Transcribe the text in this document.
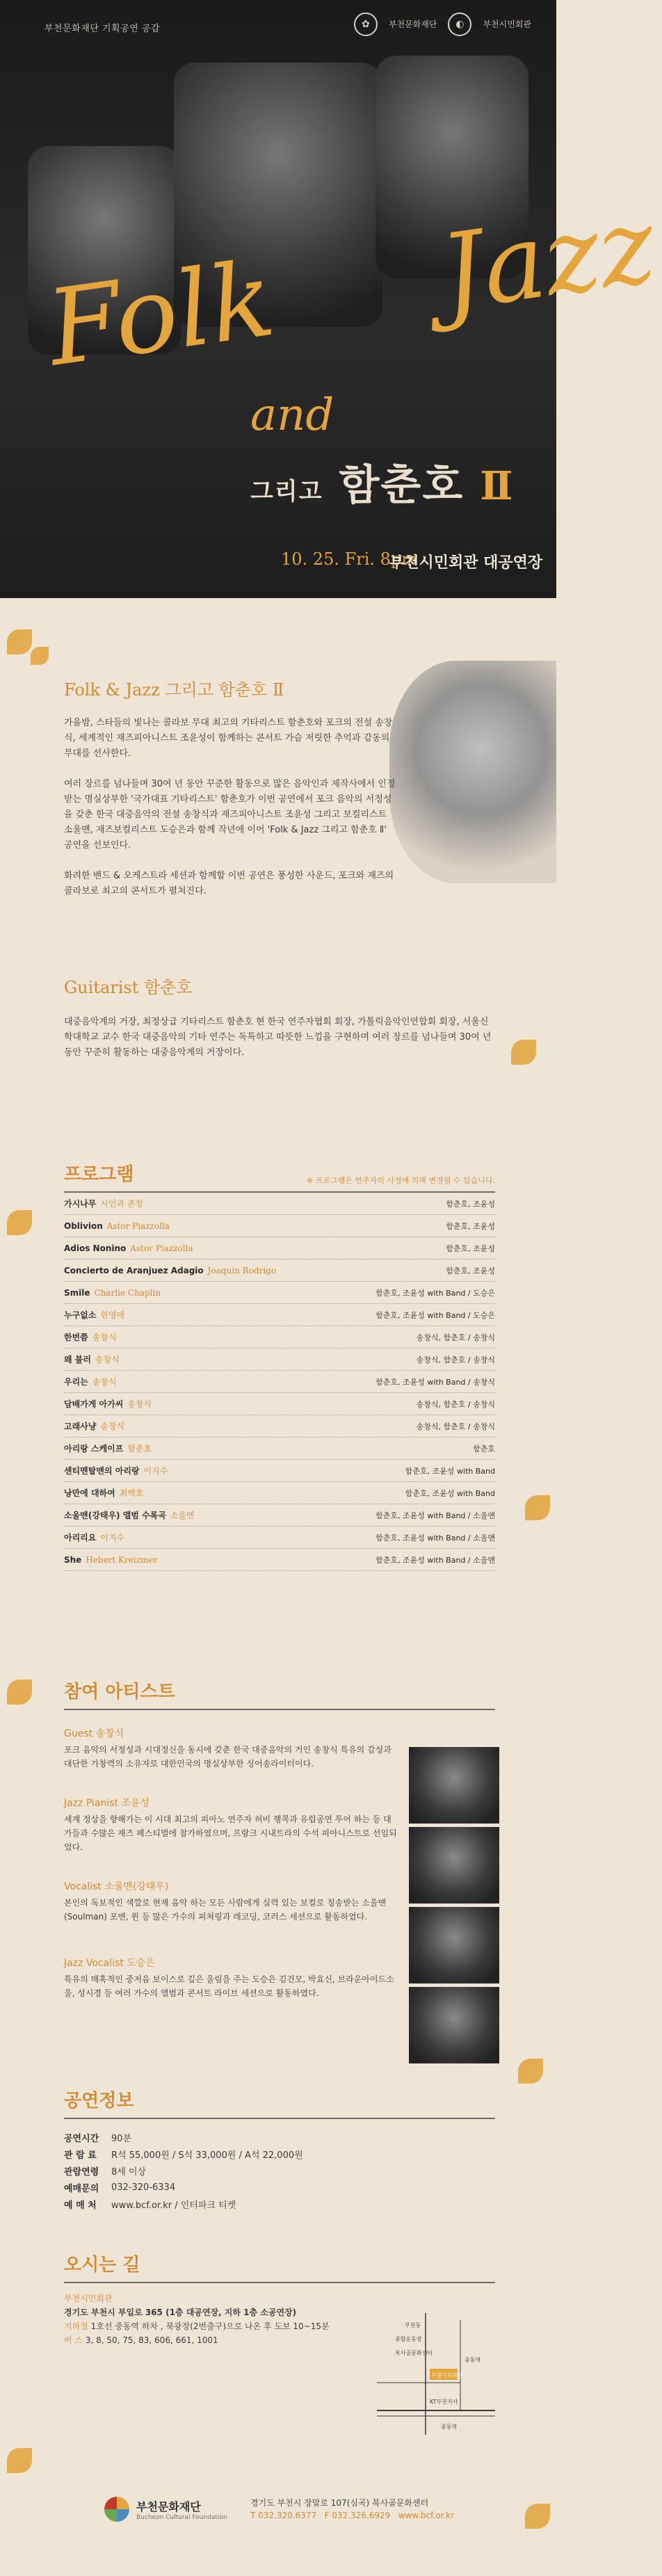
부천문화재단 기획공연 공감	✿	부천문화재단	◐	부천시민회관
Folk Jazz
and
그리고 함춘호 Ⅱ
10. 25. Fri. 8pm
부천시민회관 대공연장
Folk & Jazz 그리고 함춘호 Ⅱ

가을밤, 스타들의 빛나는 콜라보 무대 최고의 기타리스트 함춘호와 포크의 전설 송창식, 세계적인 재즈피아니스트 조윤성이 함께하는 콘서트 가슴 저릿한 추억과 감동의 무대를 선사한다.

여러 장르를 넘나들며 30여 년 동안 꾸준한 활동으로 많은 음악인과 제작사에서 인정받는 명실상부한 '국가대표 기타리스트' 함춘호가 이번 공연에서 포크 음악의 서정성을 갖춘 한국 대중음악의 전설 송창식과 재즈피아니스트 조윤성 그리고 보컬리스트 소울맨, 재즈보컬리스트 도승은과 함께 작년에 이어 'Folk & Jazz 그리고 함춘호 Ⅱ' 공연을 선보인다.

화려한 밴드 & 오케스트라 세션과 함께할 이번 공연은 풍성한 사운드, 포크와 재즈의 콜라보로 최고의 콘서트가 펼쳐진다.

Guitarist 함춘호

대중음악계의 거장, 최정상급 기타리스트 함춘호 현 한국 연주자협회 회장, 가톨릭음악인연합회 회장, 서울신학대학교 교수 한국 대중음악의 기타 연주는 독특하고 따뜻한 느낌을 구현하며 여러 장르를 넘나들며 30여 년 동안 꾸준히 활동하는 대중음악계의 거장이다.

프로그램	※ 프로그램은 연주자의 사정에 의해 변경될 수 있습니다.
가시나무 시인과 촌장	함춘호, 조윤성
Oblivion Astor Piazzolla	함춘호, 조윤성
Adios Nonino Astor Piazzolla	함춘호, 조윤성
Concierto de Aranjuez Adagio Joaquin Rodrigo	함춘호, 조윤성
Smile Charlie Chaplin	함춘호, 조윤성 with Band / 도승은
누구없소 한영애	함춘호, 조윤성 with Band / 도승은
한번쯤 송창식	송창식, 함춘호 / 송창식
왜 불러 송창식	송창식, 함춘호 / 송창식
우리는 송창식	함춘호, 조윤성 with Band / 송창식
담배가게 아가씨 송창식	송창식, 함춘호 / 송창식
고래사냥 송창식	송창식, 함춘호 / 송창식
아리랑 스케이프 함춘호	함춘호
센티멘탈맨의 아리랑 이지수	함춘호, 조윤성 with Band
낭만에 대하여 최백호	함춘호, 조윤성 with Band
소울맨(강태우) 앨범 수록곡 소울맨	함춘호, 조윤성 with Band / 소울맨
아리리요 이지수	함춘호, 조윤성 with Band / 소울맨
She Hebert Kreizmer	함춘호, 조윤성 with Band / 소울맨
참여 아티스트
Guest 송창식
포크 음악의 서정성과 시대정신을 동시에 갖춘 한국 대중음악의 거인 송창식 특유의 감성과 대단한 가창력의 소유자로 대한민국의 명실상부한 싱어송라이터이다.
Jazz Pianist 조윤성
세계 정상을 향해가는 이 시대 최고의 피아노 연주자 허비 행콕과 유럽공연 투어 하는 등 대가들과 수많은 재즈 페스티벌에 참가하였으며, 프랑크 시내트라의 수석 피아니스트로 선임되었다.
Vocalist 소울맨(강태우)
본인의 독보적인 색깔로 현재 음악 하는 모든 사람에게 실력 있는 보컬로 칭송받는 소울맨(Soulman) 포맨, 윈 등 많은 가수의 피쳐링과 레코딩, 코러스 세션으로 활동하였다.
Jazz Vocalist 도승은
특유의 매혹적인 중저음 보이스로 깊은 울림을 주는 도승은 김건모, 박효신, 브라운아이드소울, 성시경 등 여러 가수의 앨범과 콘서트 라이브 세션으로 활동하였다.
공연정보
공연시간	90분
관 람 료	R석 55,000원 / S석 33,000원 / A석 22,000원
관람연령	8세 이상
예매문의	032-320-6334
예 매 처	www.bcf.or.kr / 인터파크 티켓
오시는 길
부천시민회관
경기도 부천시 부일로 365 (1층 대공연장, 지하 1층 소공연장)
지하철 1호선 중동역 하차 , 북광장(2번출구)으로 나온 후 도보 10~15분
버 스 3, 8, 50, 75, 83, 606, 661, 1001
부천동
종합운동장
복사골문화센터
부천시민회관
중동역
KT부천지사
중동역
부천문화재단
Bucheon Cultural Foundation
경기도 부천시 장말로 107(심곡) 복사골문화센터
T 032.320.6377 F 032.326.6929 www.bcf.or.kr
